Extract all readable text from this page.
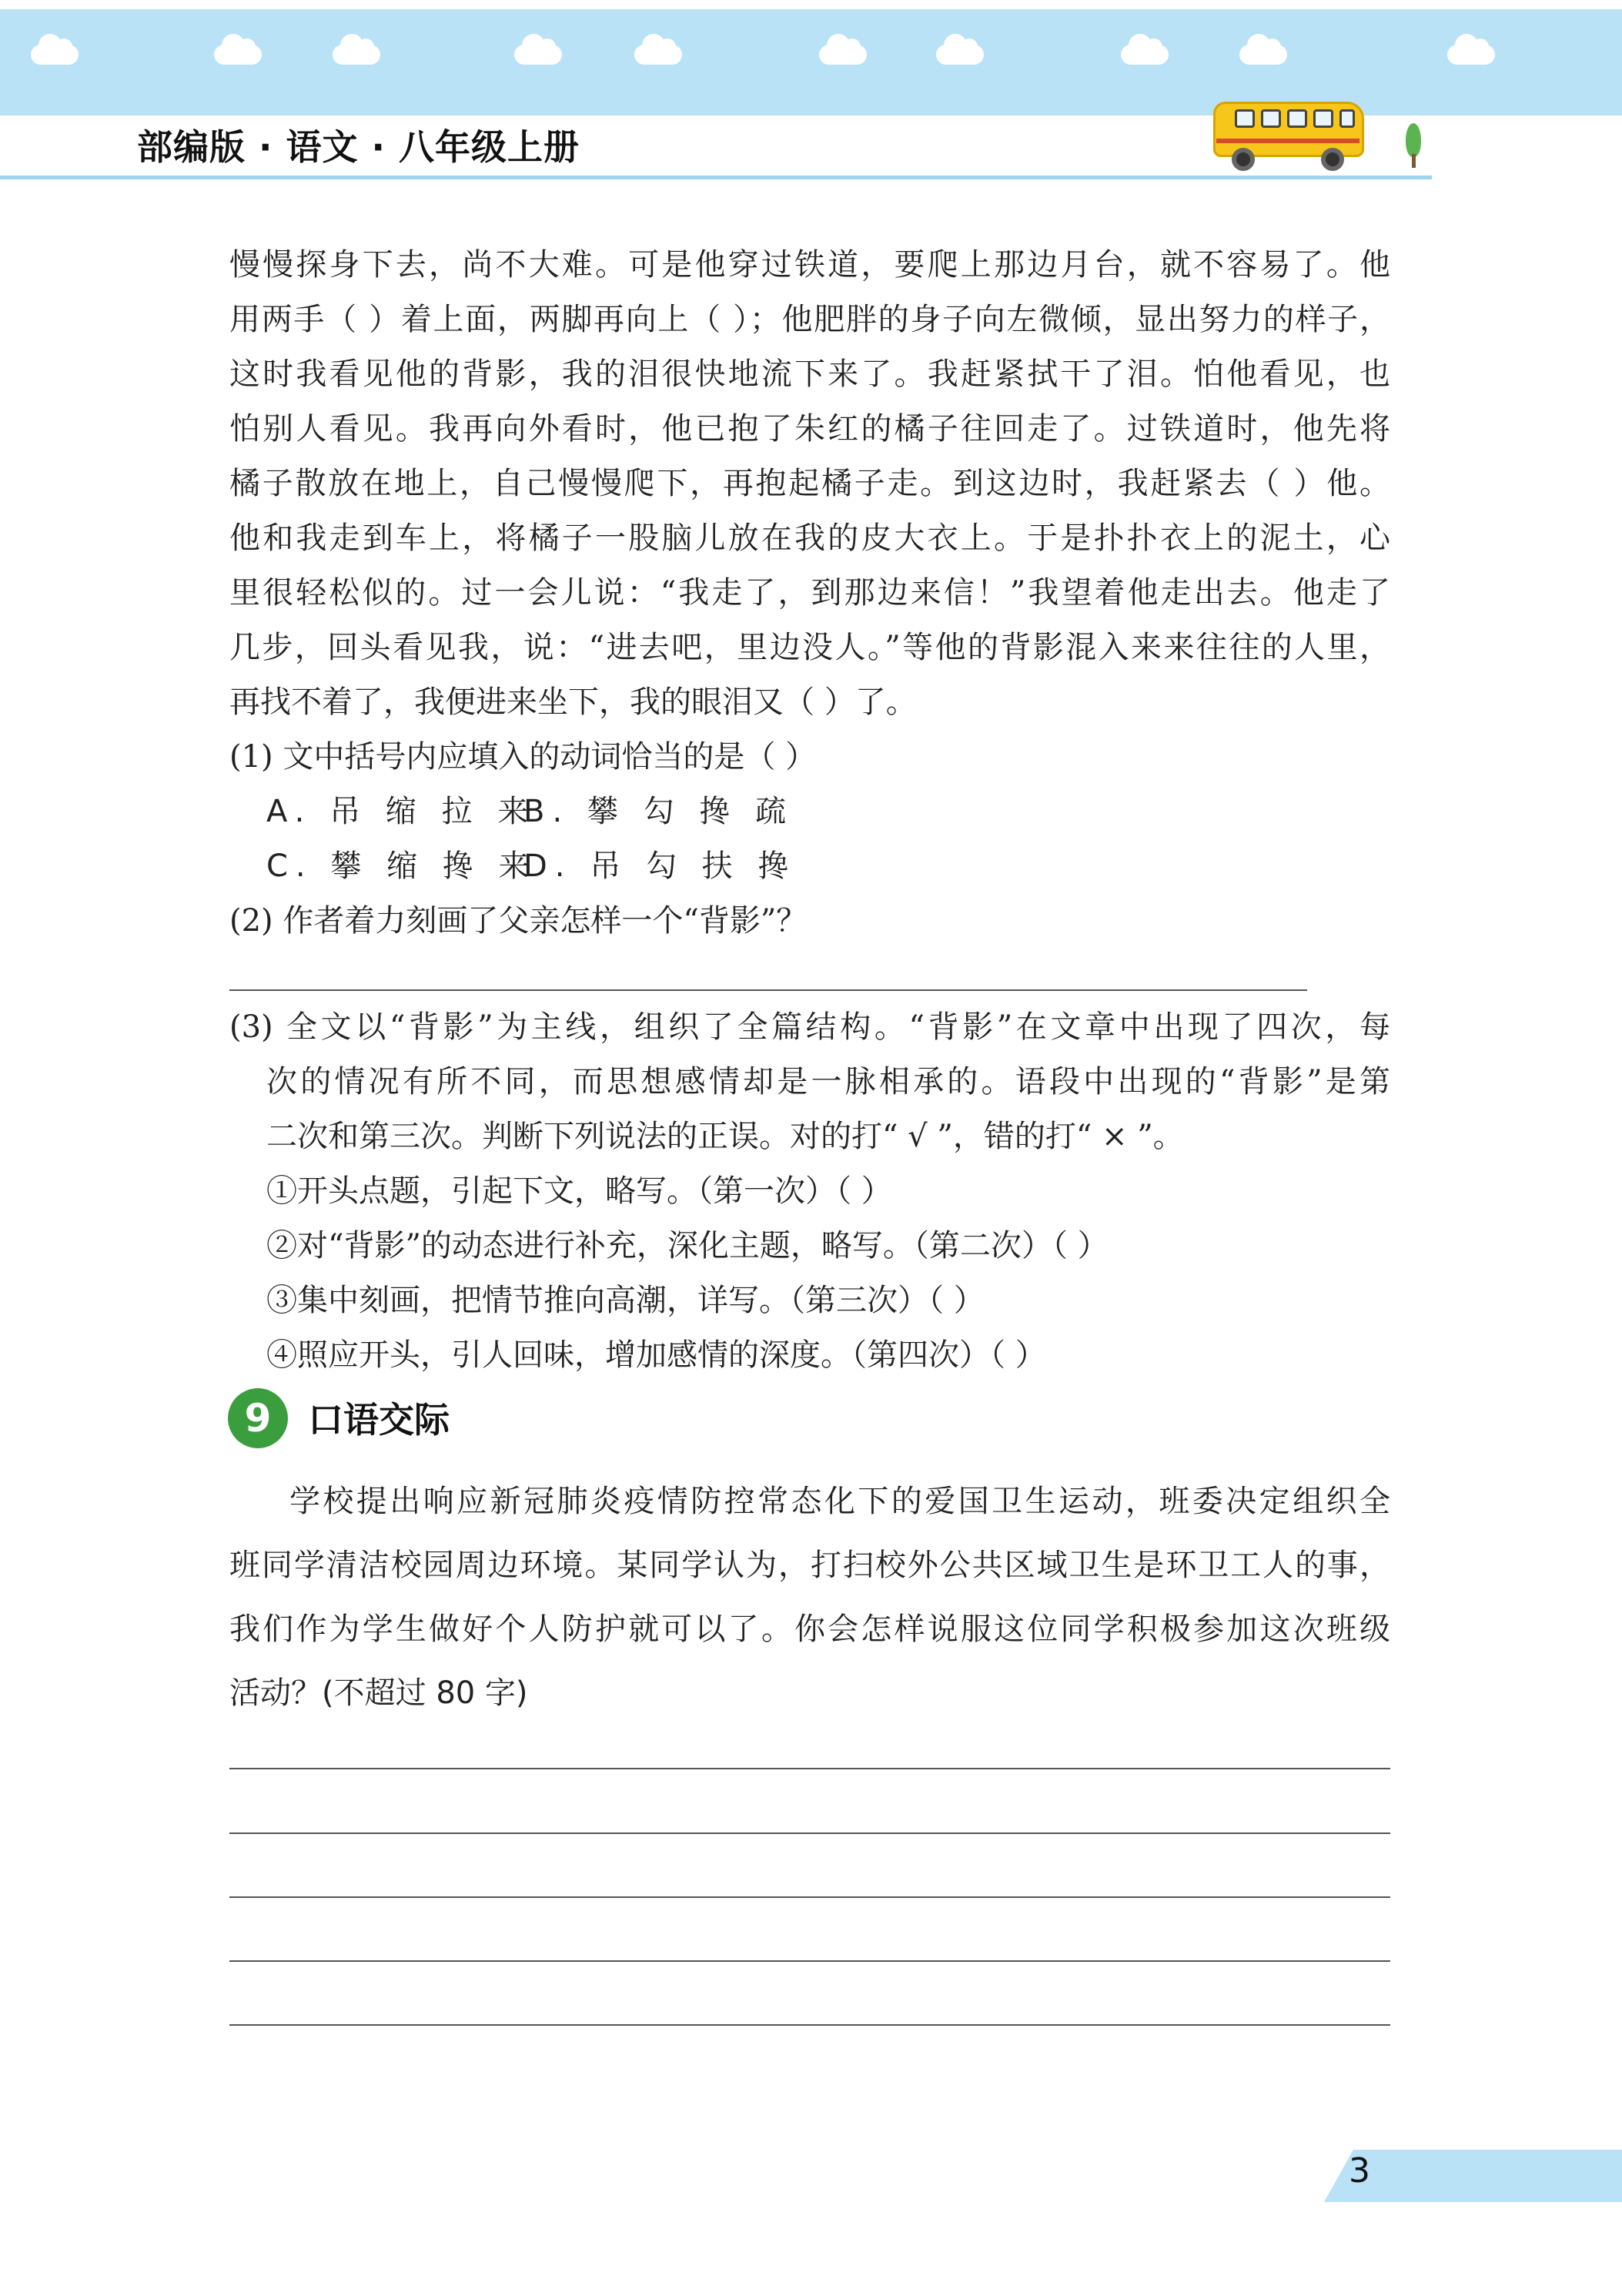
部编版 · 语文 · 八年级上册
慢慢探身下去，尚不大难。可是他穿过铁道，要爬上那边月台，就不容易了。他
用两手（ ）着上面，两脚再向上（ ）；他肥胖的身子向左微倾，显出努力的样子，
这时我看见他的背影，我的泪很快地流下来了。我赶紧拭干了泪。怕他看见，也
怕别人看见。我再向外看时，他已抱了朱红的橘子往回走了。过铁道时，他先将
橘子散放在地上，自己慢慢爬下，再抱起橘子走。到这边时，我赶紧去（ ）他。
他和我走到车上，将橘子一股脑儿放在我的皮大衣上。于是扑扑衣上的泥土，心
里很轻松似的。过一会儿说：“我走了，到那边来信！”我望着他走出去。他走了
几步，回头看见我，说：“进去吧，里边没人。”等他的背影混入来来往往的人里，
再找不着了，我便进来坐下，我的眼泪又（ ）了。
(1) 文中括号内应填入的动词恰当的是（ ）
A. 吊 缩 拉 来
B. 攀 勾 搀 疏
C. 攀 缩 搀 来
D. 吊 勾 扶 搀
(2) 作者着力刻画了父亲怎样一个“背影”？
(3) 全文以“背影”为主线，组织了全篇结构。“背影”在文章中出现了四次，每
次的情况有所不同，而思想感情却是一脉相承的。语段中出现的“背影”是第
二次和第三次。判断下列说法的正误。对的打“ √ ”，错的打“ × ”。
①开头点题，引起下文，略写。（第一次）（ ）
②对“背影”的动态进行补充，深化主题，略写。（第二次）（ ）
③集中刻画，把情节推向高潮，详写。（第三次）（ ）
④照应开头，引人回味，增加感情的深度。（第四次）（ ）
9	口语交际
学校提出响应新冠肺炎疫情防控常态化下的爱国卫生运动，班委决定组织全
班同学清洁校园周边环境。某同学认为，打扫校外公共区域卫生是环卫工人的事，
我们作为学生做好个人防护就可以了。你会怎样说服这位同学积极参加这次班级
活动？(不超过 80 字)
3
